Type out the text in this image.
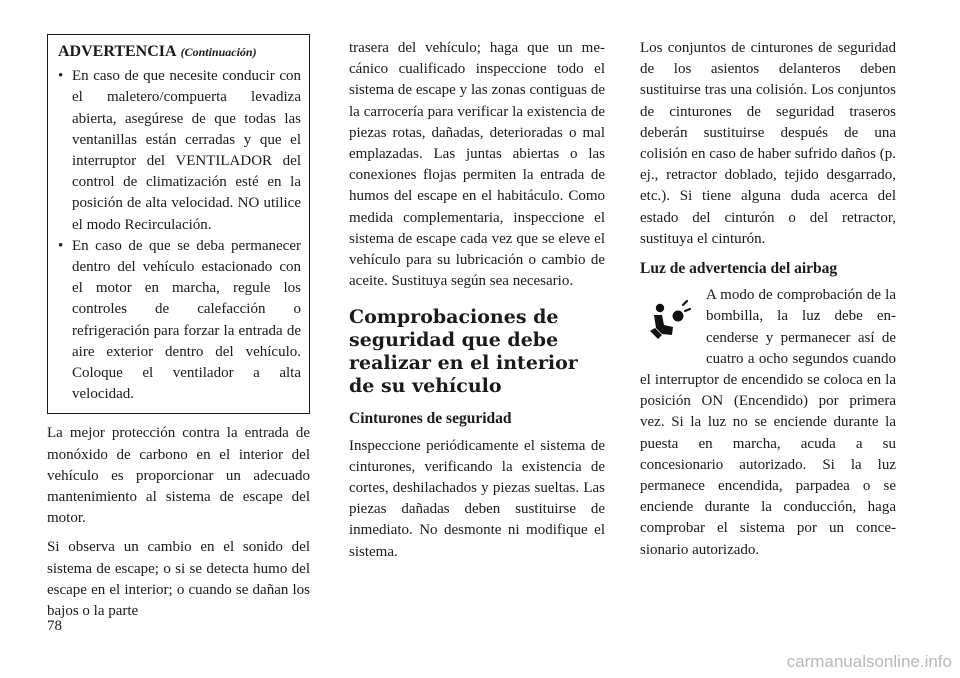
ADVERTENCIA (Continuación)
• En caso de que necesite conducir con el maletero/compuerta levadiza abierta, asegúrese de que todas las ventanillas están cerradas y que el interruptor del VENTILADOR del control de climatización esté en la posición de alta velocidad. NO utilice el modo Recirculación.
• En caso de que se deba permanecer dentro del vehículo estacionado con el motor en marcha, regule los controles de calefacción o refrigeración para forzar la entrada de aire exterior dentro del vehículo. Coloque el ventilador a alta velocidad.

La mejor protección contra la entrada de monóxido de carbono en el interior del vehículo es proporcionar un adecuado mantenimiento al sistema de escape del motor.

Si observa un cambio en el sonido del sistema de escape; o si se detecta humo del escape en el interior; o cuando se dañan los bajos o la parte

trasera del vehículo; haga que un mecánico cualificado inspeccione todo el sistema de escape y las zonas contiguas de la carrocería para verificar la existencia de piezas rotas, dañadas, deterioradas o mal emplazadas. Las juntas abiertas o las conexiones flojas permiten la entrada de humos del escape en el habitáculo. Como medida complementaria, inspeccione el sistema de escape cada vez que se eleve el vehículo para su lubricación o cambio de aceite. Sustituya según sea necesario.

Comprobaciones de seguridad que debe realizar en el interior de su vehículo
Cinturones de seguridad

Inspeccione periódicamente el sistema de cinturones, verificando la existencia de cortes, deshilachados y piezas sueltas. Las piezas dañadas deben sustituirse de inmediato. No desmonte ni modifique el sistema.

Los conjuntos de cinturones de seguridad de los asientos delanteros deben sustituirse tras una colisión. Los conjuntos de cinturones de seguridad traseros deberán sustituirse después de una colisión en caso de haber sufrido daños (p. ej., retractor doblado, tejido desgarrado, etc.). Si tiene alguna duda acerca del estado del cinturón o del retractor, sustituya el cinturón.

Luz de advertencia del airbag

A modo de comprobación de la bombilla, la luz debe encenderse y permanecer así de cuatro a ocho segundos cuando el interruptor de encendido se coloca en la posición ON (Encendido) por primera vez. Si la luz no se enciende durante la puesta en marcha, acuda a su concesionario autorizado. Si la luz permanece encendida, parpadea o se enciende durante la conducción, haga comprobar el sistema por un concesionario autorizado.

78
carmanualsonline.info
